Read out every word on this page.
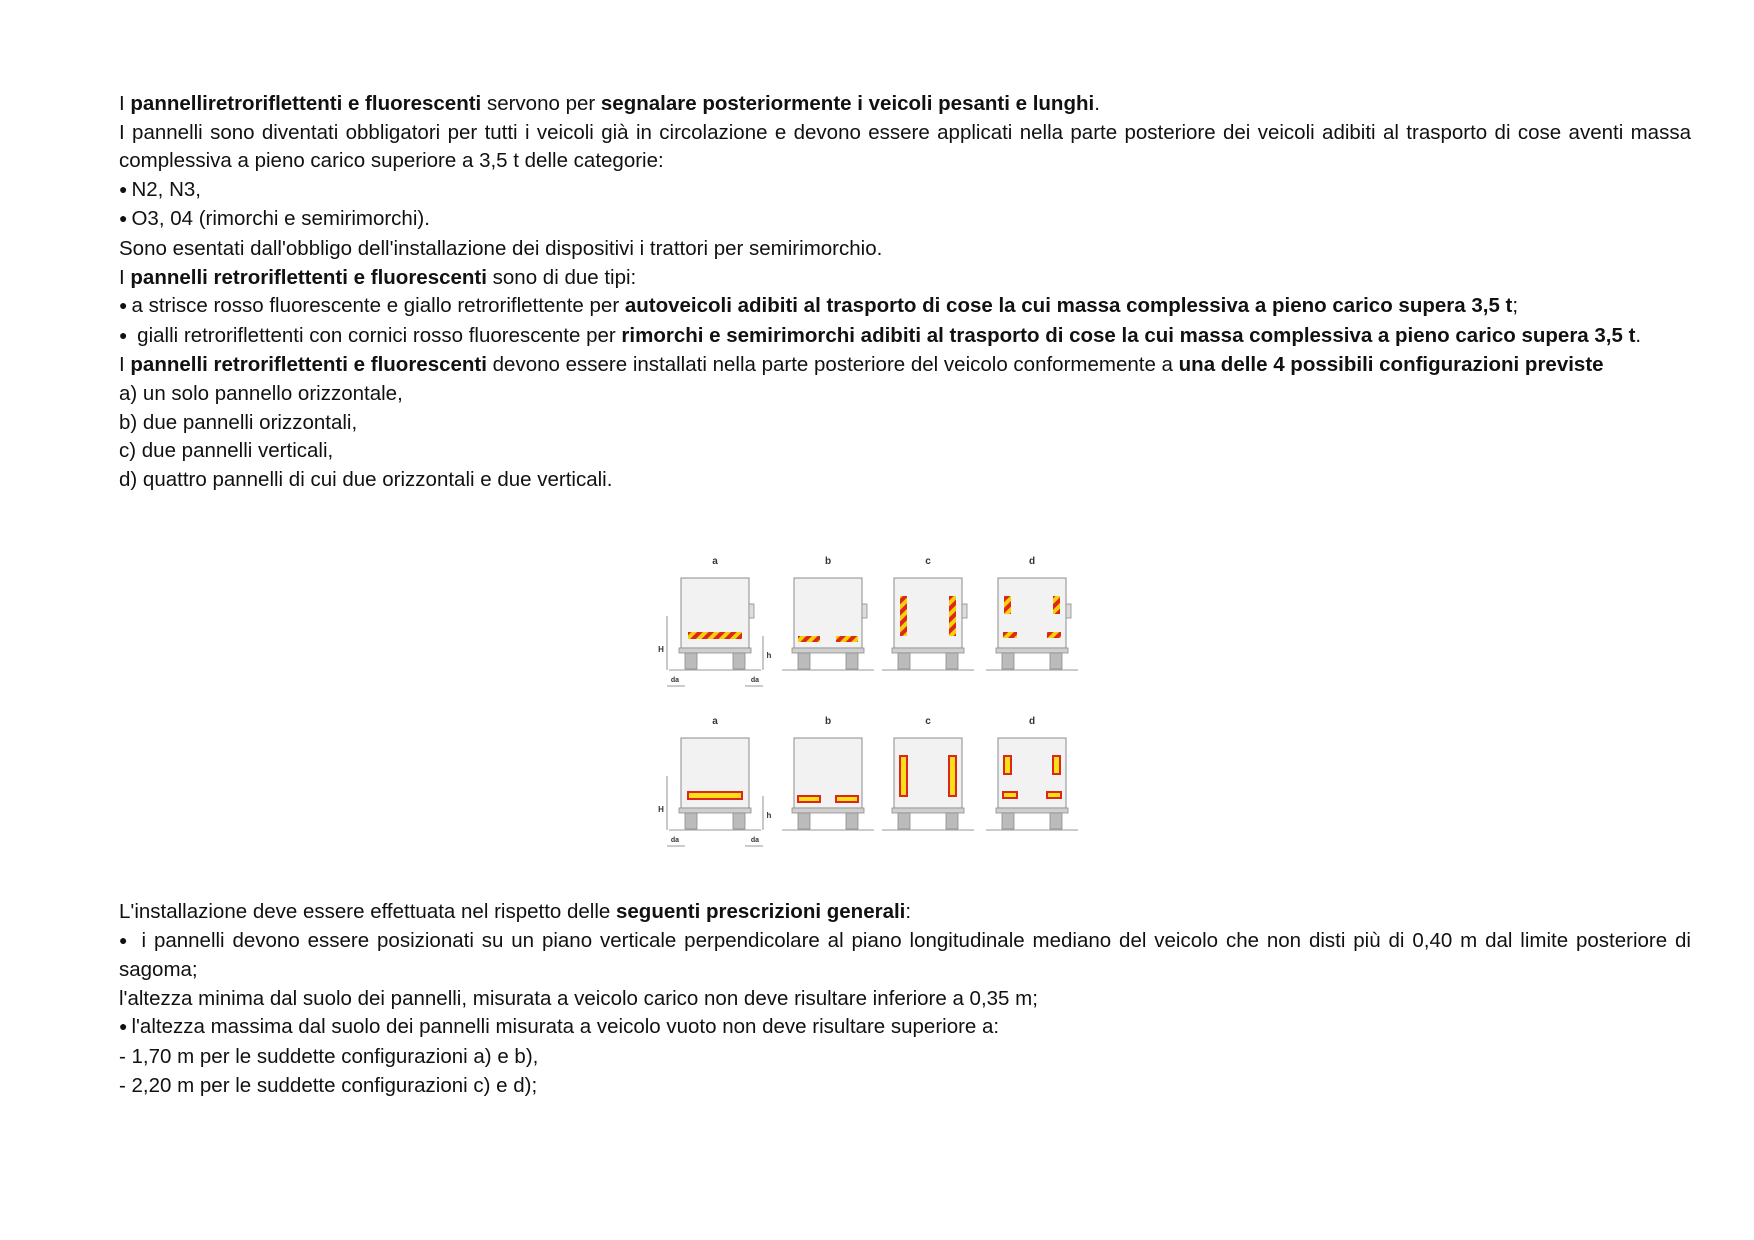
I pannelliretroriflettenti e fluorescenti servono per segnalare posteriormente i veicoli pesanti e lunghi.

I pannelli sono diventati obbligatori per tutti i veicoli già in circolazione e devono essere applicati nella parte posteriore dei veicoli adibiti al trasporto di cose aventi massa complessiva a pieno carico superiore a 3,5 t delle categorie:

● N2, N3,

● O3, 04 (rimorchi e semirimorchi).

Sono esentati dall'obbligo dell'installazione dei dispositivi i trattori per semirimorchio.

I pannelli retroriflettenti e fluorescenti sono di due tipi:

● a strisce rosso fluorescente e giallo retroriflettente per autoveicoli adibiti al trasporto di cose la cui massa complessiva a pieno carico supera 3,5 t;

● gialli retroriflettenti con cornici rosso fluorescente per rimorchi e semirimorchi adibiti al trasporto di cose la cui massa complessiva a pieno carico supera 3,5 t.

I pannelli retroriflettenti e fluorescenti devono essere installati nella parte posteriore del veicolo conformemente a una delle 4 possibili configurazioni previste

a) un solo pannello orizzontale,

b) due pannelli orizzontali,

c) due pannelli verticali,

d) quattro pannelli di cui due orizzontali e due verticali.

a
H
h
da	da
b	c	d
a
H
h
da	da
b	c	d

L'installazione deve essere effettuata nel rispetto delle seguenti prescrizioni generali:

● i pannelli devono essere posizionati su un piano verticale perpendicolare al piano longitudinale mediano del veicolo che non disti più di 0,40 m dal limite posteriore di sagoma;

l'altezza minima dal suolo dei pannelli, misurata a veicolo carico non deve risultare inferiore a 0,35 m;

● l'altezza massima dal suolo dei pannelli misurata a veicolo vuoto non deve risultare superiore a:

- 1,70 m per le suddette configurazioni a) e b),

- 2,20 m per le suddette configurazioni c) e d);
